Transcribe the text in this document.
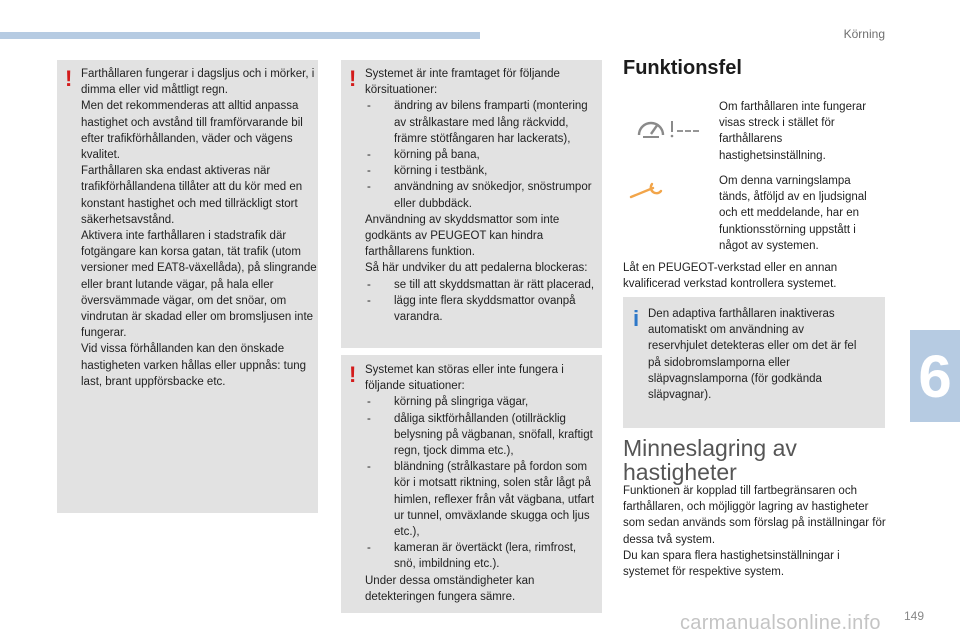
Körning
6
! Farthållaren fungerar i dagsljus och i mörker, i dimma eller vid måttligt regn.

Men det rekommenderas att alltid anpassa hastighet och avstånd till framförvarande bil efter trafikförhållanden, väder och vägens kvalitet.

Farthållaren ska endast aktiveras när trafikförhållandena tillåter att du kör med en konstant hastighet och med tillräckligt stort säkerhetsavstånd.

Aktivera inte farthållaren i stadstrafik där fotgängare kan korsa gatan, tät trafik (utom versioner med EAT8-växellåda), på slingrande eller brant lutande vägar, på hala eller översvämmade vägar, om det snöar, om vindrutan är skadad eller om bromsljusen inte fungerar.

Vid vissa förhållanden kan den önskade hastigheten varken hållas eller uppnås: tung last, brant uppförsbacke etc.

! Systemet är inte framtaget för följande körsituationer:

- ändring av bilens framparti (montering av strålkastare med lång räckvidd, främre stötfångaren har lackerats),
- körning på bana,
- körning i testbänk,
- användning av snökedjor, snöstrumpor eller dubbdäck.

Användning av skyddsmattor som inte godkänts av PEUGEOT kan hindra farthållarens funktion.

Så här undviker du att pedalerna blockeras:

- se till att skyddsmattan är rätt placerad,
- lägg inte flera skyddsmattor ovanpå varandra.
! Systemet kan störas eller inte fungera i följande situationer:

- körning på slingriga vägar,
- dåliga siktförhållanden (otillräcklig belysning på vägbanan, snöfall, kraftigt regn, tjock dimma etc.),
- bländning (strålkastare på fordon som kör i motsatt riktning, solen står lågt på himlen, reflexer från våt vägbana, utfart ur tunnel, omväxlande skugga och ljus etc.),
- kameran är övertäckt (lera, rimfrost, snö, imbildning etc.).

Under dessa omständigheter kan detekteringen fungera sämre.

Funktionsfel
Om farthållaren inte fungerar visas streck i stället för farthållarens hastighetsinställning.
Om denna varningslampa tänds, åtföljd av en ljudsignal och ett meddelande, har en funktionsstörning uppstått i något av systemen.
Låt en PEUGEOT-verkstad eller en annan kvalificerad verkstad kontrollera systemet.
i Den adaptiva farthållaren inaktiveras automatiskt om användning av reservhjulet detekteras eller om det är fel på sidobromslamporna eller släpvagnslamporna (för godkända släpvagnar).
Minneslagring av hastigheter

Funktionen är kopplad till fartbegränsaren och farthållaren, och möjliggör lagring av hastigheter som sedan används som förslag på inställningar för dessa två system.

Du kan spara flera hastighetsinställningar i systemet för respektive system.

carmanualsonline.info 149
